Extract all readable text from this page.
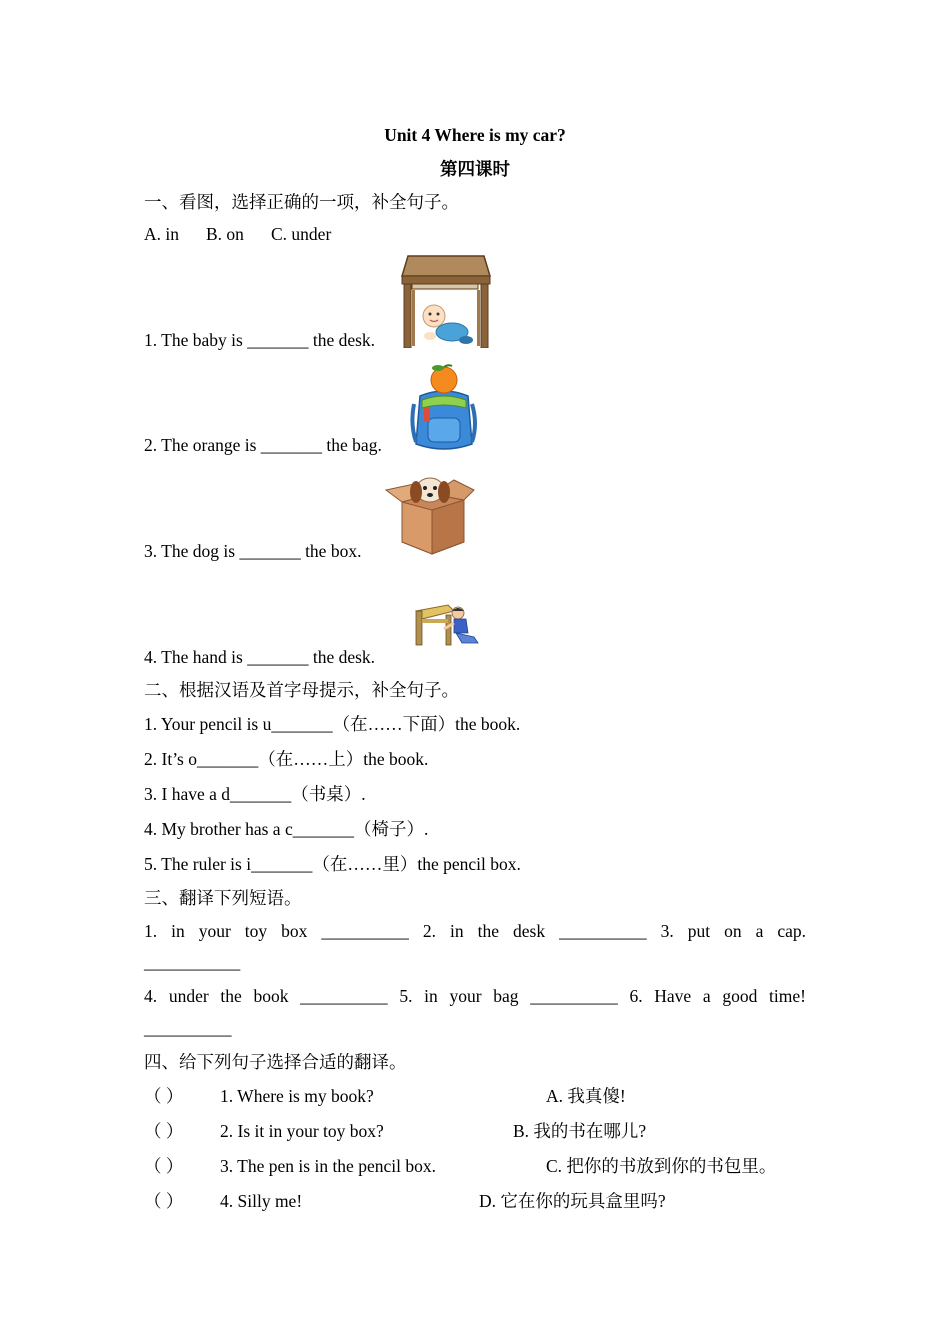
Unit 4 Where is my car?
第四课时
一、看图，选择正确的一项，补全句子。
A. in B. on C. under
1. The baby is _______ the desk.
2. The orange is _______ the bag.
3. The dog is _______ the box.
4. The hand is _______ the desk.
二、根据汉语及首字母提示，补全句子。
1. Your pencil is u_______（在……下面）the book.
2. It’s o_______（在……上）the book.
3. I have a d_______（书桌）.
4. My brother has a c_______（椅子）.
5. The ruler is i_______（在……里）the pencil box.
三、翻译下列短语。
1. in your toy box __________ 2. in the desk __________ 3. put on a cap.
___________
4. under the book __________ 5. in your bag __________ 6. Have a good time!
__________
四、给下列句子选择合适的翻译。
（ ） 1. Where is my book?	A. 我真傻!
（ ） 2. Is it in your toy box?	B. 我的书在哪儿?
（ ） 3. The pen is in the pencil box.	C. 把你的书放到你的书包里。
（ ） 4. Silly me!	D. 它在你的玩具盒里吗?
